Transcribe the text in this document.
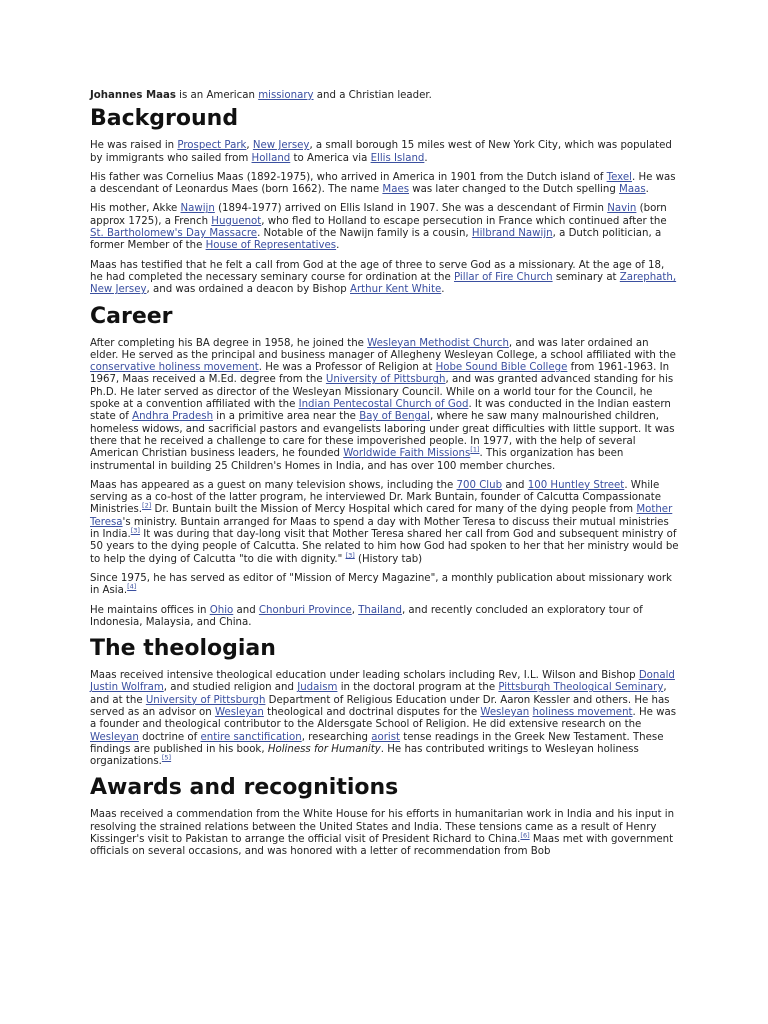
Johannes Maas is an American missionary and a Christian leader.

Background

He was raised in Prospect Park, New Jersey, a small borough 15 miles west of New York City, which was populated by immigrants who sailed from Holland to America via Ellis Island.

His father was Cornelius Maas (1892-1975), who arrived in America in 1901 from the Dutch island of Texel. He was a descendant of Leonardus Maes (born 1662). The name Maes was later changed to the Dutch spelling Maas.

His mother, Akke Nawijn (1894-1977) arrived on Ellis Island in 1907. She was a descendant of Firmin Navin (born approx 1725), a French Huguenot, who fled to Holland to escape persecution in France which continued after the St. Bartholomew's Day Massacre. Notable of the Nawijn family is a cousin, Hilbrand Nawijn, a Dutch politician, a former Member of the House of Representatives.

Maas has testified that he felt a call from God at the age of three to serve God as a missionary. At the age of 18, he had completed the necessary seminary course for ordination at the Pillar of Fire Church seminary at Zarephath, New Jersey, and was ordained a deacon by Bishop Arthur Kent White.

Career

After completing his BA degree in 1958, he joined the Wesleyan Methodist Church, and was later ordained an elder. He served as the principal and business manager of Allegheny Wesleyan College, a school affiliated with the conservative holiness movement. He was a Professor of Religion at Hobe Sound Bible College from 1961-1963. In 1967, Maas received a M.Ed. degree from the University of Pittsburgh, and was granted advanced standing for his Ph.D. He later served as director of the Wesleyan Missionary Council. While on a world tour for the Council, he spoke at a convention affiliated with the Indian Pentecostal Church of God. It was conducted in the Indian eastern state of Andhra Pradesh in a primitive area near the Bay of Bengal, where he saw many malnourished children, homeless widows, and sacrificial pastors and evangelists laboring under great difficulties with little support. It was there that he received a challenge to care for these impoverished people. In 1977, with the help of several American Christian business leaders, he founded Worldwide Faith Missions[1]. This organization has been instrumental in building 25 Children's Homes in India, and has over 100 member churches.

Maas has appeared as a guest on many television shows, including the 700 Club and 100 Huntley Street. While serving as a co-host of the latter program, he interviewed Dr. Mark Buntain, founder of Calcutta Compassionate Ministries.[2] Dr. Buntain built the Mission of Mercy Hospital which cared for many of the dying people from Mother Teresa's ministry. Buntain arranged for Maas to spend a day with Mother Teresa to discuss their mutual ministries in India.[3] It was during that day-long visit that Mother Teresa shared her call from God and subsequent ministry of 50 years to the dying people of Calcutta. She related to him how God had spoken to her that her ministry would be to help the dying of Calcutta "to die with dignity." [3] (History tab)

Since 1975, he has served as editor of "Mission of Mercy Magazine", a monthly publication about missionary work in Asia.[4]

He maintains offices in Ohio and Chonburi Province, Thailand, and recently concluded an exploratory tour of Indonesia, Malaysia, and China.

The theologian

Maas received intensive theological education under leading scholars including Rev, I.L. Wilson and Bishop Donald Justin Wolfram, and studied religion and Judaism in the doctoral program at the Pittsburgh Theological Seminary, and at the University of Pittsburgh Department of Religious Education under Dr. Aaron Kessler and others. He has served as an advisor on Wesleyan theological and doctrinal disputes for the Wesleyan holiness movement. He was a founder and theological contributor to the Aldersgate School of Religion. He did extensive research on the Wesleyan doctrine of entire sanctification, researching aorist tense readings in the Greek New Testament. These findings are published in his book, Holiness for Humanity. He has contributed writings to Wesleyan holiness organizations.[5]

Awards and recognitions

Maas received a commendation from the White House for his efforts in humanitarian work in India and his input in resolving the strained relations between the United States and India. These tensions came as a result of Henry Kissinger's visit to Pakistan to arrange the official visit of President Richard to China.[6] Maas met with government officials on several occasions, and was honored with a letter of recommendation from Bob
